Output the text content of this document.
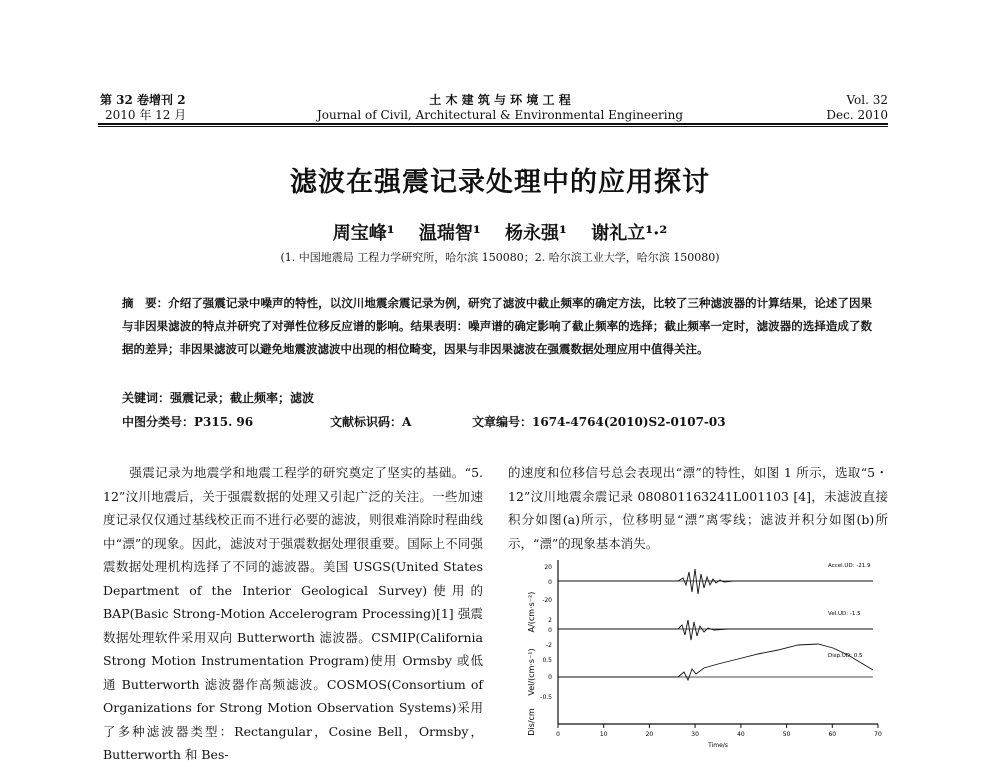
第 32 卷增刊 2
2010 年 12 月
土 木 建 筑 与 环 境 工 程
Journal of Civil, Architectural & Environmental Engineering
Vol. 32
Dec. 2010
滤波在强震记录处理中的应用探讨
周宝峰¹ 温瑞智¹ 杨永强¹ 谢礼立¹·²
(1. 中国地震局 工程力学研究所，哈尔滨 150080；2. 哈尔滨工业大学，哈尔滨 150080)
摘　要：介绍了强震记录中噪声的特性，以汶川地震余震记录为例，研究了滤波中截止频率的确定方法，比较了三种滤波器的计算结果，论述了因果与非因果滤波的特点并研究了对弹性位移反应谱的影响。结果表明：噪声谱的确定影响了截止频率的选择；截止频率一定时，滤波器的选择造成了数据的差异；非因果滤波可以避免地震波滤波中出现的相位畸变，因果与非因果滤波在强震数据处理应用中值得关注。
关键词：强震记录；截止频率；滤波
中图分类号：P315. 96	文献标识码：A	文章编号：1674-4764(2010)S2-0107-03
强震记录为地震学和地震工程学的研究奠定了坚实的基础。“5. 12”汶川地震后，关于强震数据的处理又引起广泛的关注。一些加速度记录仅仅通过基线校正而不进行必要的滤波，则很难消除时程曲线中“漂”的现象。因此，滤波对于强震数据处理很重要。国际上不同强震数据处理机构选择了不同的滤波器。美国 USGS(United States Department of the Interior Geological Survey)使用的 BAP(Basic Strong-Motion Accelerogram Processing)[1] 强震数据处理软件采用双向 Butterworth 滤波器。CSMIP(California Strong Motion Instrumentation Program)使用 Ormsby 或低通 Butterworth 滤波器作高频滤波。COSMOS(Consortium of Organizations for Strong Motion Observation Systems)采用了多种滤波器类型：Rectangular，Cosine Bell，Ormsby，Butterworth 和 Bes-
的速度和位移信号总会表现出“漂”的特性，如图 1 所示，选取“5・12”汶川地震余震记录 080801163241L001103 [4]，未滤波直接积分如图(a)所示，位移明显“漂”离零线；滤波并积分如图(b)所示，“漂”的现象基本消失。
A/(cm·s⁻²)
Vel/(cm·s⁻¹)
Dis/cm
20
0
-20
2
0
-2
0.5
0
-0.5
Accel.UD: -21.9
Vel.UD: -1.5
Disp.UD: 0.5
0	10	20	30	40	50	60	70
Time/s
